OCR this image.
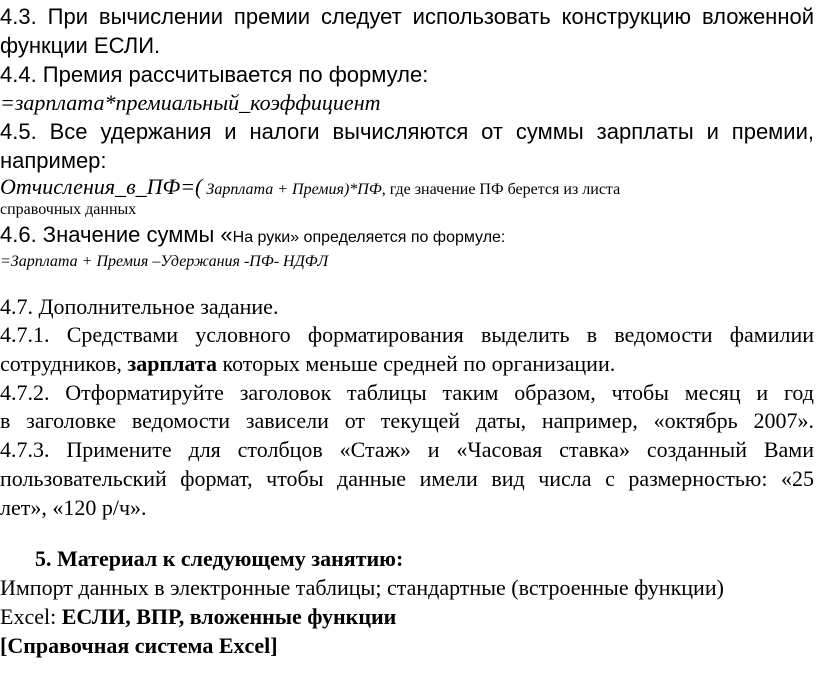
4.3. При вычислении премии следует использовать конструкцию вложенной
функции ЕСЛИ.
4.4. Премия рассчитывается по формуле:
=зарплата*премиальный_коэффициент
4.5. Все удержания и налоги вычисляются от суммы зарплаты и премии,
например:
Отчисления_в_ПФ=( Зарплата + Премия)*ПФ, где значение ПФ берется из листа
справочных данных
4.6. Значение суммы «На руки» определяется по формуле:
=Зарплата + Премия –Удержания -ПФ- НДФЛ
4.7. Дополнительное задание.
4.7.1. Средствами условного форматирования выделить в ведомости фамилии
сотрудников, зарплата которых меньше средней по организации.
4.7.2. Отформатируйте заголовок таблицы таким образом, чтобы месяц и год
в заголовке ведомости зависели от текущей даты, например, «октябрь 2007».
4.7.3. Примените для столбцов «Стаж» и «Часовая ставка» созданный Вами
пользовательский формат, чтобы данные имели вид числа с размерностью: «25
лет», «120 р/ч».
5. Материал к следующему занятию:
Импорт данных в электронные таблицы; стандартные (встроенные функции)
Excel: ЕСЛИ, ВПР, вложенные функции
[Справочная система Excel]
